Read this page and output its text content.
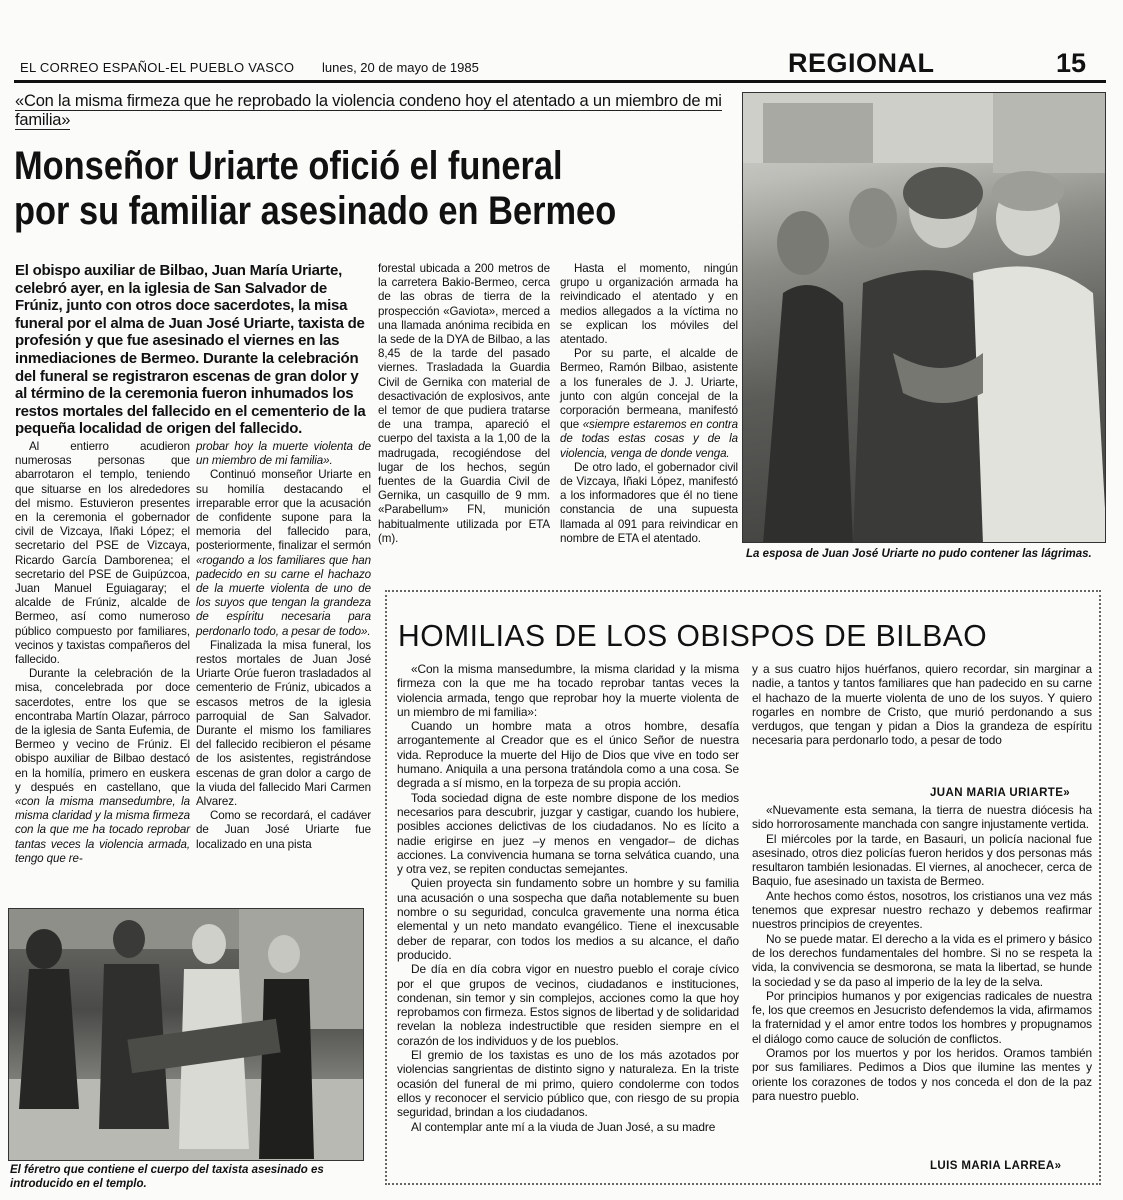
EL CORREO ESPAÑOL-EL PUEBLO VASCO lunes, 20 de mayo de 1985	REGIONAL	15
«Con la misma firmeza que he reprobado la violencia condeno hoy el atentado a un miembro de mi familia»
Monseñor Uriarte ofició el funeral
por su familiar asesinado en Bermeo
El obispo auxiliar de Bilbao, Juan María Uriarte, celebró ayer, en la iglesia de San Salvador de Frúniz, junto con otros doce sacerdotes, la misa funeral por el alma de Juan José Uriarte, taxista de profesión y que fue asesinado el viernes en las inmediaciones de Bermeo. Durante la celebración del funeral se registraron escenas de gran dolor y al término de la ceremonia fueron inhumados los restos mortales del fallecido en el cementerio de la pequeña localidad de origen del fallecido.

Al entierro acudieron numerosas personas que abarrotaron el templo, teniendo que situarse en los alrededores del mismo. Estuvieron presentes en la ceremonia el gobernador civil de Vizcaya, Iñaki López; el secretario del PSE de Vizcaya, Ricardo García Damborenea; el secretario del PSE de Guipúzcoa, Juan Manuel Eguiagaray; el alcalde de Frúniz, alcalde de Bermeo, así como numeroso público compuesto por familiares, vecinos y taxistas compañeros del fallecido.

Durante la celebración de la misa, concelebrada por doce sacerdotes, entre los que se encontraba Martín Olazar, párroco de la iglesia de Santa Eufemia, de Bermeo y vecino de Frúniz. El obispo auxiliar de Bilbao destacó en la homilía, primero en euskera y después en castellano, que «con la misma mansedumbre, la misma claridad y la misma firmeza con la que me ha tocado reprobar tantas veces la violencia armada, tengo que re-

probar hoy la muerte violenta de un miembro de mi familia».

Continuó monseñor Uriarte en su homilía destacando el irreparable error que la acusación de confidente supone para la memoria del fallecido para, posteriormente, finalizar el sermón «rogando a los familiares que han padecido en su carne el hachazo de la muerte violenta de uno de los suyos que tengan la grandeza de espíritu necesaria para perdonarlo todo, a pesar de todo».

Finalizada la misa funeral, los restos mortales de Juan José Uriarte Orúe fueron trasladados al cementerio de Frúniz, ubicados a escasos metros de la iglesia parroquial de San Salvador. Durante el mismo los familiares del fallecido recibieron el pésame de los asistentes, registrándose escenas de gran dolor a cargo de la viuda del fallecido Mari Carmen Alvarez.

Como se recordará, el cadáver de Juan José Uriarte fue localizado en una pista

forestal ubicada a 200 metros de la carretera Bakio-Bermeo, cerca de las obras de tierra de la prospección «Gaviota», merced a una llamada anónima recibida en la sede de la DYA de Bilbao, a las 8,45 de la tarde del pasado viernes. Trasladada la Guardia Civil de Gernika con material de desactivación de explosivos, ante el temor de que pudiera tratarse de una trampa, apareció el cuerpo del taxista a la 1,00 de la madrugada, recogiéndose del lugar de los hechos, según fuentes de la Guardia Civil de Gernika, un casquillo de 9 mm. «Parabellum» FN, munición habitualmente utilizada por ETA (m).

Hasta el momento, ningún grupo u organización armada ha reivindicado el atentado y en medios allegados a la víctima no se explican los móviles del atentado.

Por su parte, el alcalde de Bermeo, Ramón Bilbao, asistente a los funerales de J. J. Uriarte, junto con algún concejal de la corporación bermeana, manifestó que «siempre estaremos en contra de todas estas cosas y de la violencia, venga de donde venga.

De otro lado, el gobernador civil de Vizcaya, Iñaki López, manifestó a los informadores que él no tiene constancia de una supuesta llamada al 091 para reivindicar en nombre de ETA el atentado.

La esposa de Juan José Uriarte no pudo contener las lágrimas.
El féretro que contiene el cuerpo del taxista asesinado es introducido en el templo.
HOMILIAS DE LOS OBISPOS DE BILBAO

«Con la misma mansedumbre, la misma claridad y la misma firmeza con la que me ha tocado reprobar tantas veces la violencia armada, tengo que reprobar hoy la muerte violenta de un miembro de mi familia»:

Cuando un hombre mata a otros hombre, desafía arrogantemente al Creador que es el único Señor de nuestra vida. Reproduce la muerte del Hijo de Dios que vive en todo ser humano. Aniquila a una persona tratándola como a una cosa. Se degrada a sí mismo, en la torpeza de su propia acción.

Toda sociedad digna de este nombre dispone de los medios necesarios para descubrir, juzgar y castigar, cuando los hubiere, posibles acciones delictivas de los ciudadanos. No es lícito a nadie erigirse en juez –y menos en vengador– de dichas acciones. La convivencia humana se torna selvática cuando, una y otra vez, se repiten conductas semejantes.

Quien proyecta sin fundamento sobre un hombre y su familia una acusación o una sospecha que daña notablemente su buen nombre o su seguridad, conculca gravemente una norma ética elemental y un neto mandato evangélico. Tiene el inexcusable deber de reparar, con todos los medios a su alcance, el daño producido.

De día en día cobra vigor en nuestro pueblo el coraje cívico por el que grupos de vecinos, ciudadanos e instituciones, condenan, sin temor y sin complejos, acciones como la que hoy reprobamos con firmeza. Estos signos de libertad y de solidaridad revelan la nobleza indestructible que residen siempre en el corazón de los individuos y de los pueblos.

El gremio de los taxistas es uno de los más azotados por violencias sangrientas de distinto signo y naturaleza. En la triste ocasión del funeral de mi primo, quiero condolerme con todos ellos y reconocer el servicio público que, con riesgo de su propia seguridad, brindan a los ciudadanos.

Al contemplar ante mí a la viuda de Juan José, a su madre

y a sus cuatro hijos huérfanos, quiero recordar, sin marginar a nadie, a tantos y tantos familiares que han padecido en su carne el hachazo de la muerte violenta de uno de los suyos. Y quiero rogarles en nombre de Cristo, que murió perdonando a sus verdugos, que tengan y pidan a Dios la grandeza de espíritu necesaria para perdonarlo todo, a pesar de todo

JUAN MARIA URIARTE»

«Nuevamente esta semana, la tierra de nuestra diócesis ha sido horrorosamente manchada con sangre injustamente vertida.

El miércoles por la tarde, en Basauri, un policía nacional fue asesinado, otros diez policías fueron heridos y dos personas más resultaron también lesionadas. El viernes, al anochecer, cerca de Baquio, fue asesinado un taxista de Bermeo.

Ante hechos como éstos, nosotros, los cristianos una vez más tenemos que expresar nuestro rechazo y debemos reafirmar nuestros principios de creyentes.

No se puede matar. El derecho a la vida es el primero y básico de los derechos fundamentales del hombre. Si no se respeta la vida, la convivencia se desmorona, se mata la libertad, se hunde la sociedad y se da paso al imperio de la ley de la selva.

Por principios humanos y por exigencias radicales de nuestra fe, los que creemos en Jesucristo defendemos la vida, afirmamos la fraternidad y el amor entre todos los hombres y propugnamos el diálogo como cauce de solución de conflictos.

Oramos por los muertos y por los heridos. Oramos también por sus familiares. Pedimos a Dios que ilumine las mentes y oriente los corazones de todos y nos conceda el don de la paz para nuestro pueblo.

LUIS MARIA LARREA»
